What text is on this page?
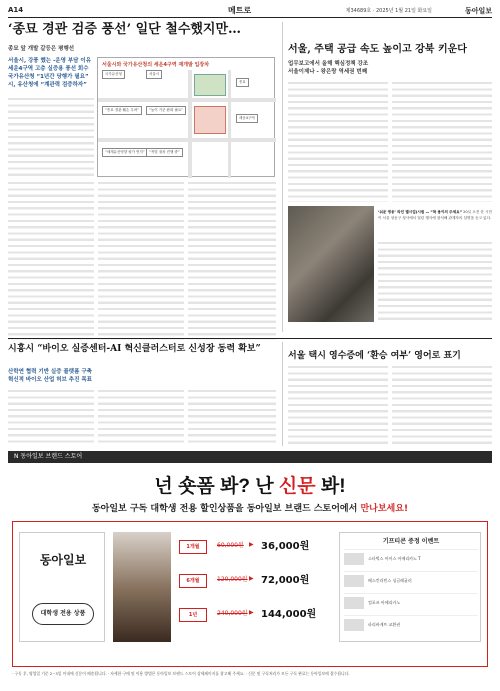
A14	메트로	제34689호 · 2025년 1월 21일 화요일	동아일보
‘종묘 경관 검증 풍선’ 일단 철수했지만…
종묘 앞 개발 갈등은 평행선
서울시, 강풍 했는 -운영 부담 이유
세운4구역 고층 실증용 풍선 회수
국가유산청 “1년간 당행가 필요”
시, 유산청에 “계관력 검증하자”
서울시와 국가유산청의 세운4구역 재개발 입장차
국가유산청	서울시
세운4구역
종묘
“종묘 경관 훼손 우려”	“높이 기준 완화 필요”
“세계유산영향 평가 먼저”	“적법 절차 진행 중”
서울, 주택 공급 속도 높이고 강북 키운다
업무보고에서 올해 핵심정책 강조
서울이제나 - 왕은랑 역세권 번째
‘쉬운 영웅’ 라인 별시업(시원 — “착 용이의 주세요” 20일 오전 한 시민이 서울 성동구 청사에서 열린 행사에 참석해 관계자의 설명을 듣고 있다.
시흥시 “바이오 실증센터-AI 혁신클러스터로 신성장 동력 확보”
산학연 협력 기반 실증 플랫폼 구축
혁신적 바이오 산업 허브 추진 목표
서울 택시 영수증에 ‘환승 여부’ 영어로 표기
N 동아일보 브랜드 스토어
넌 숏폼 봐? 난 신문 봐!
동아일보 구독 대학생 전용 할인상품을 동아일보 브랜드 스토어에서 만나보세요!
동아일보
대학생 전용 상품
1개월	60,000원 ▶ 36,000원
6개월	120,000원 ▶ 72,000원
1년	240,000원 ▶ 144,000원
기프티콘 증정 이벤트
스타벅스 아이스 아메리카노 T
배스킨라빈스 싱글레귤러
컴포즈 아메리카노
파리바게뜨 교환권
· 구독 후, 영업일 기준 2~3일 이내에 신문이 배송됩니다. · 자세한 구매 및 이용 방법은 동아일보 브랜드 스토어 상세페이지를 참고해 주세요. · 신문 및 구독처리가 모든 구독 완료는 동아일보에 접수됩니다.
